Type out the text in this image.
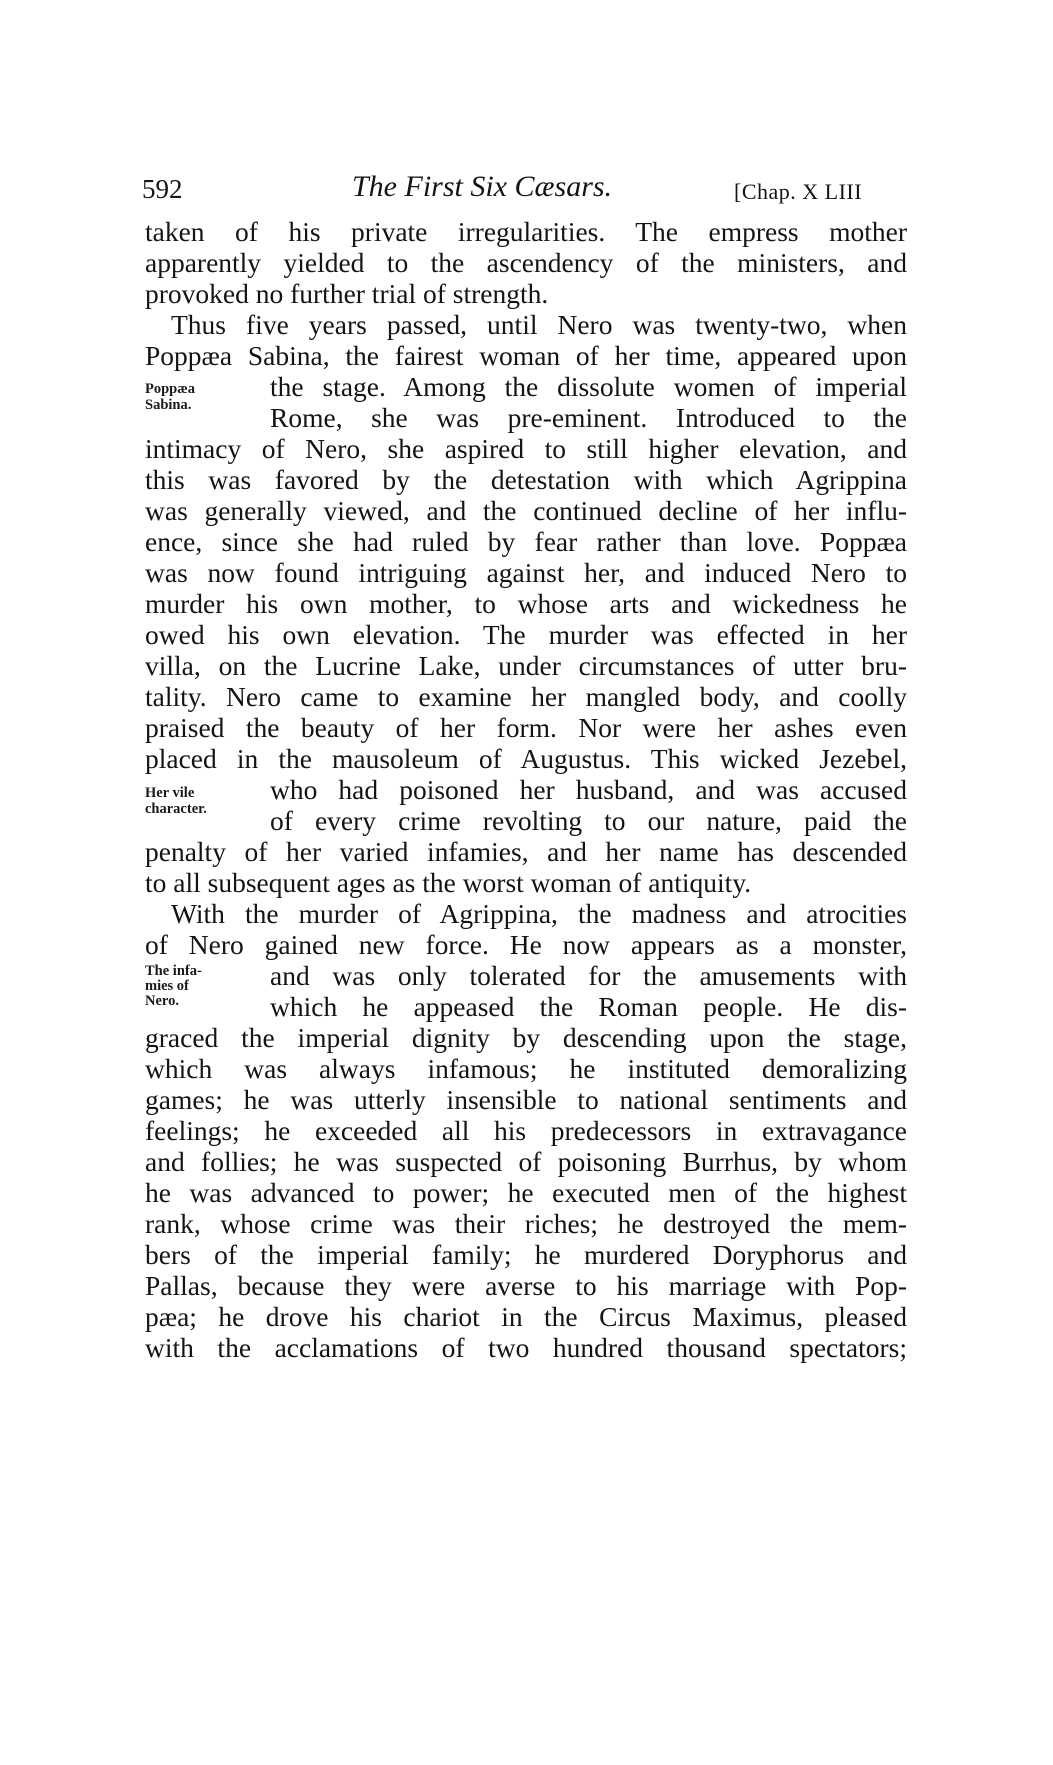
592	The First Six Cæsars.	[Chap. X LIII
taken of his private irregularities. The empress mother
apparently yielded to the ascendency of the ministers, and
provoked no further trial of strength.
Thus five years passed, until Nero was twenty-two, when
Poppæa Sabina, the fairest woman of her time, appeared upon
the stage. Among the dissolute women of imperial
Rome, she was pre-eminent. Introduced to the
intimacy of Nero, she aspired to still higher elevation, and
this was favored by the detestation with which Agrippina
was generally viewed, and the continued decline of her influ-
ence, since she had ruled by fear rather than love. Poppæa
was now found intriguing against her, and induced Nero to
murder his own mother, to whose arts and wickedness he
owed his own elevation. The murder was effected in her
villa, on the Lucrine Lake, under circumstances of utter bru-
tality. Nero came to examine her mangled body, and coolly
praised the beauty of her form. Nor were her ashes even
placed in the mausoleum of Augustus. This wicked Jezebel,
who had poisoned her husband, and was accused
of every crime revolting to our nature, paid the
penalty of her varied infamies, and her name has descended
to all subsequent ages as the worst woman of antiquity.
With the murder of Agrippina, the madness and atrocities
of Nero gained new force. He now appears as a monster,
and was only tolerated for the amusements with
which he appeased the Roman people. He dis-
graced the imperial dignity by descending upon the stage,
which was always infamous; he instituted demoralizing
games; he was utterly insensible to national sentiments and
feelings; he exceeded all his predecessors in extravagance
and follies; he was suspected of poisoning Burrhus, by whom
he was advanced to power; he executed men of the highest
rank, whose crime was their riches; he destroyed the mem-
bers of the imperial family; he murdered Doryphorus and
Pallas, because they were averse to his marriage with Pop-
pæa; he drove his chariot in the Circus Maximus, pleased
with the acclamations of two hundred thousand spectators;
Poppæa
Sabina.
Her vile
character.
The infa-
mies of
Nero.
